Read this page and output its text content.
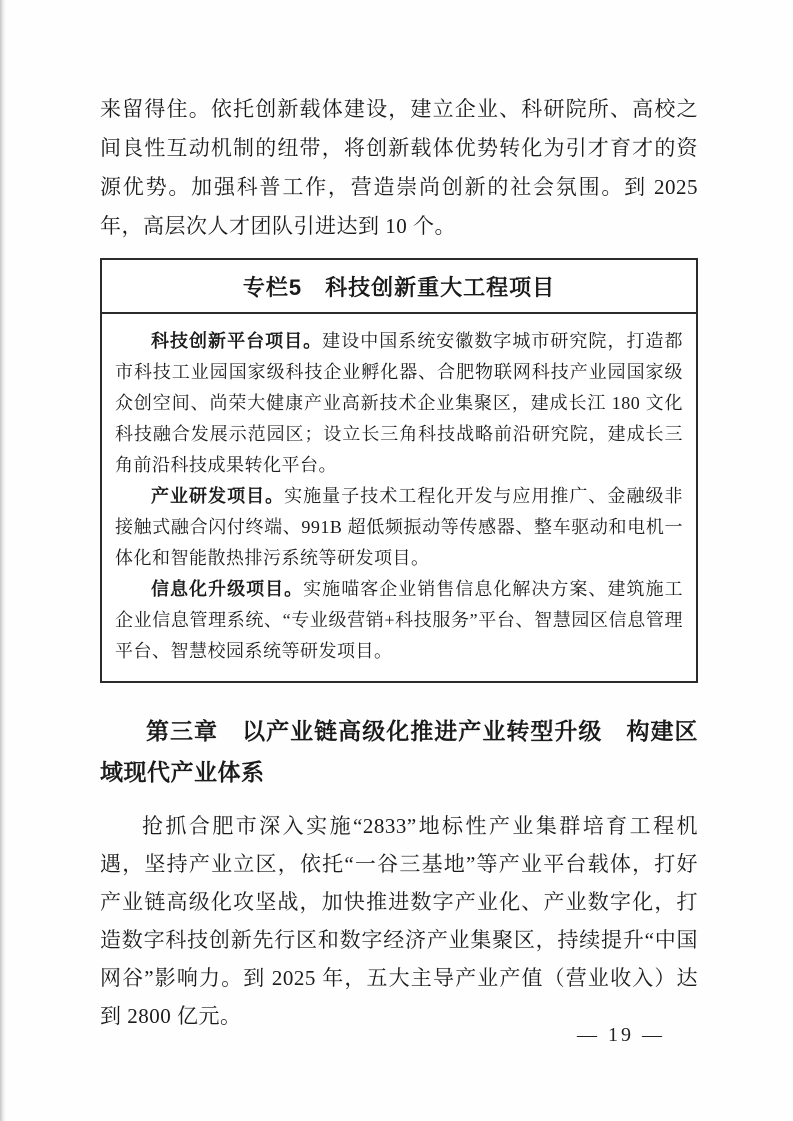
来留得住。依托创新载体建设，建立企业、科研院所、高校之间良性互动机制的纽带，将创新载体优势转化为引才育才的资源优势。加强科普工作，营造崇尚创新的社会氛围。到 2025 年，高层次人才团队引进达到 10 个。

专栏5　科技创新重大工程项目

科技创新平台项目。建设中国系统安徽数字城市研究院，打造都市科技工业园国家级科技企业孵化器、合肥物联网科技产业园国家级众创空间、尚荣大健康产业高新技术企业集聚区，建成长江 180 文化科技融合发展示范园区；设立长三角科技战略前沿研究院，建成长三角前沿科技成果转化平台。

产业研发项目。实施量子技术工程化开发与应用推广、金融级非接触式融合闪付终端、991B 超低频振动等传感器、整车驱动和电机一体化和智能散热排污系统等研发项目。

信息化升级项目。实施喵客企业销售信息化解决方案、建筑施工企业信息管理系统、“专业级营销+科技服务”平台、智慧园区信息管理平台、智慧校园系统等研发项目。

第三章　以产业链高级化推进产业转型升级　构建区域现代产业体系

抢抓合肥市深入实施“2833”地标性产业集群培育工程机遇，坚持产业立区，依托“一谷三基地”等产业平台载体，打好产业链高级化攻坚战，加快推进数字产业化、产业数字化，打造数字科技创新先行区和数字经济产业集聚区，持续提升“中国网谷”影响力。到 2025 年，五大主导产业产值（营业收入）达到 2800 亿元。

— 19 —
